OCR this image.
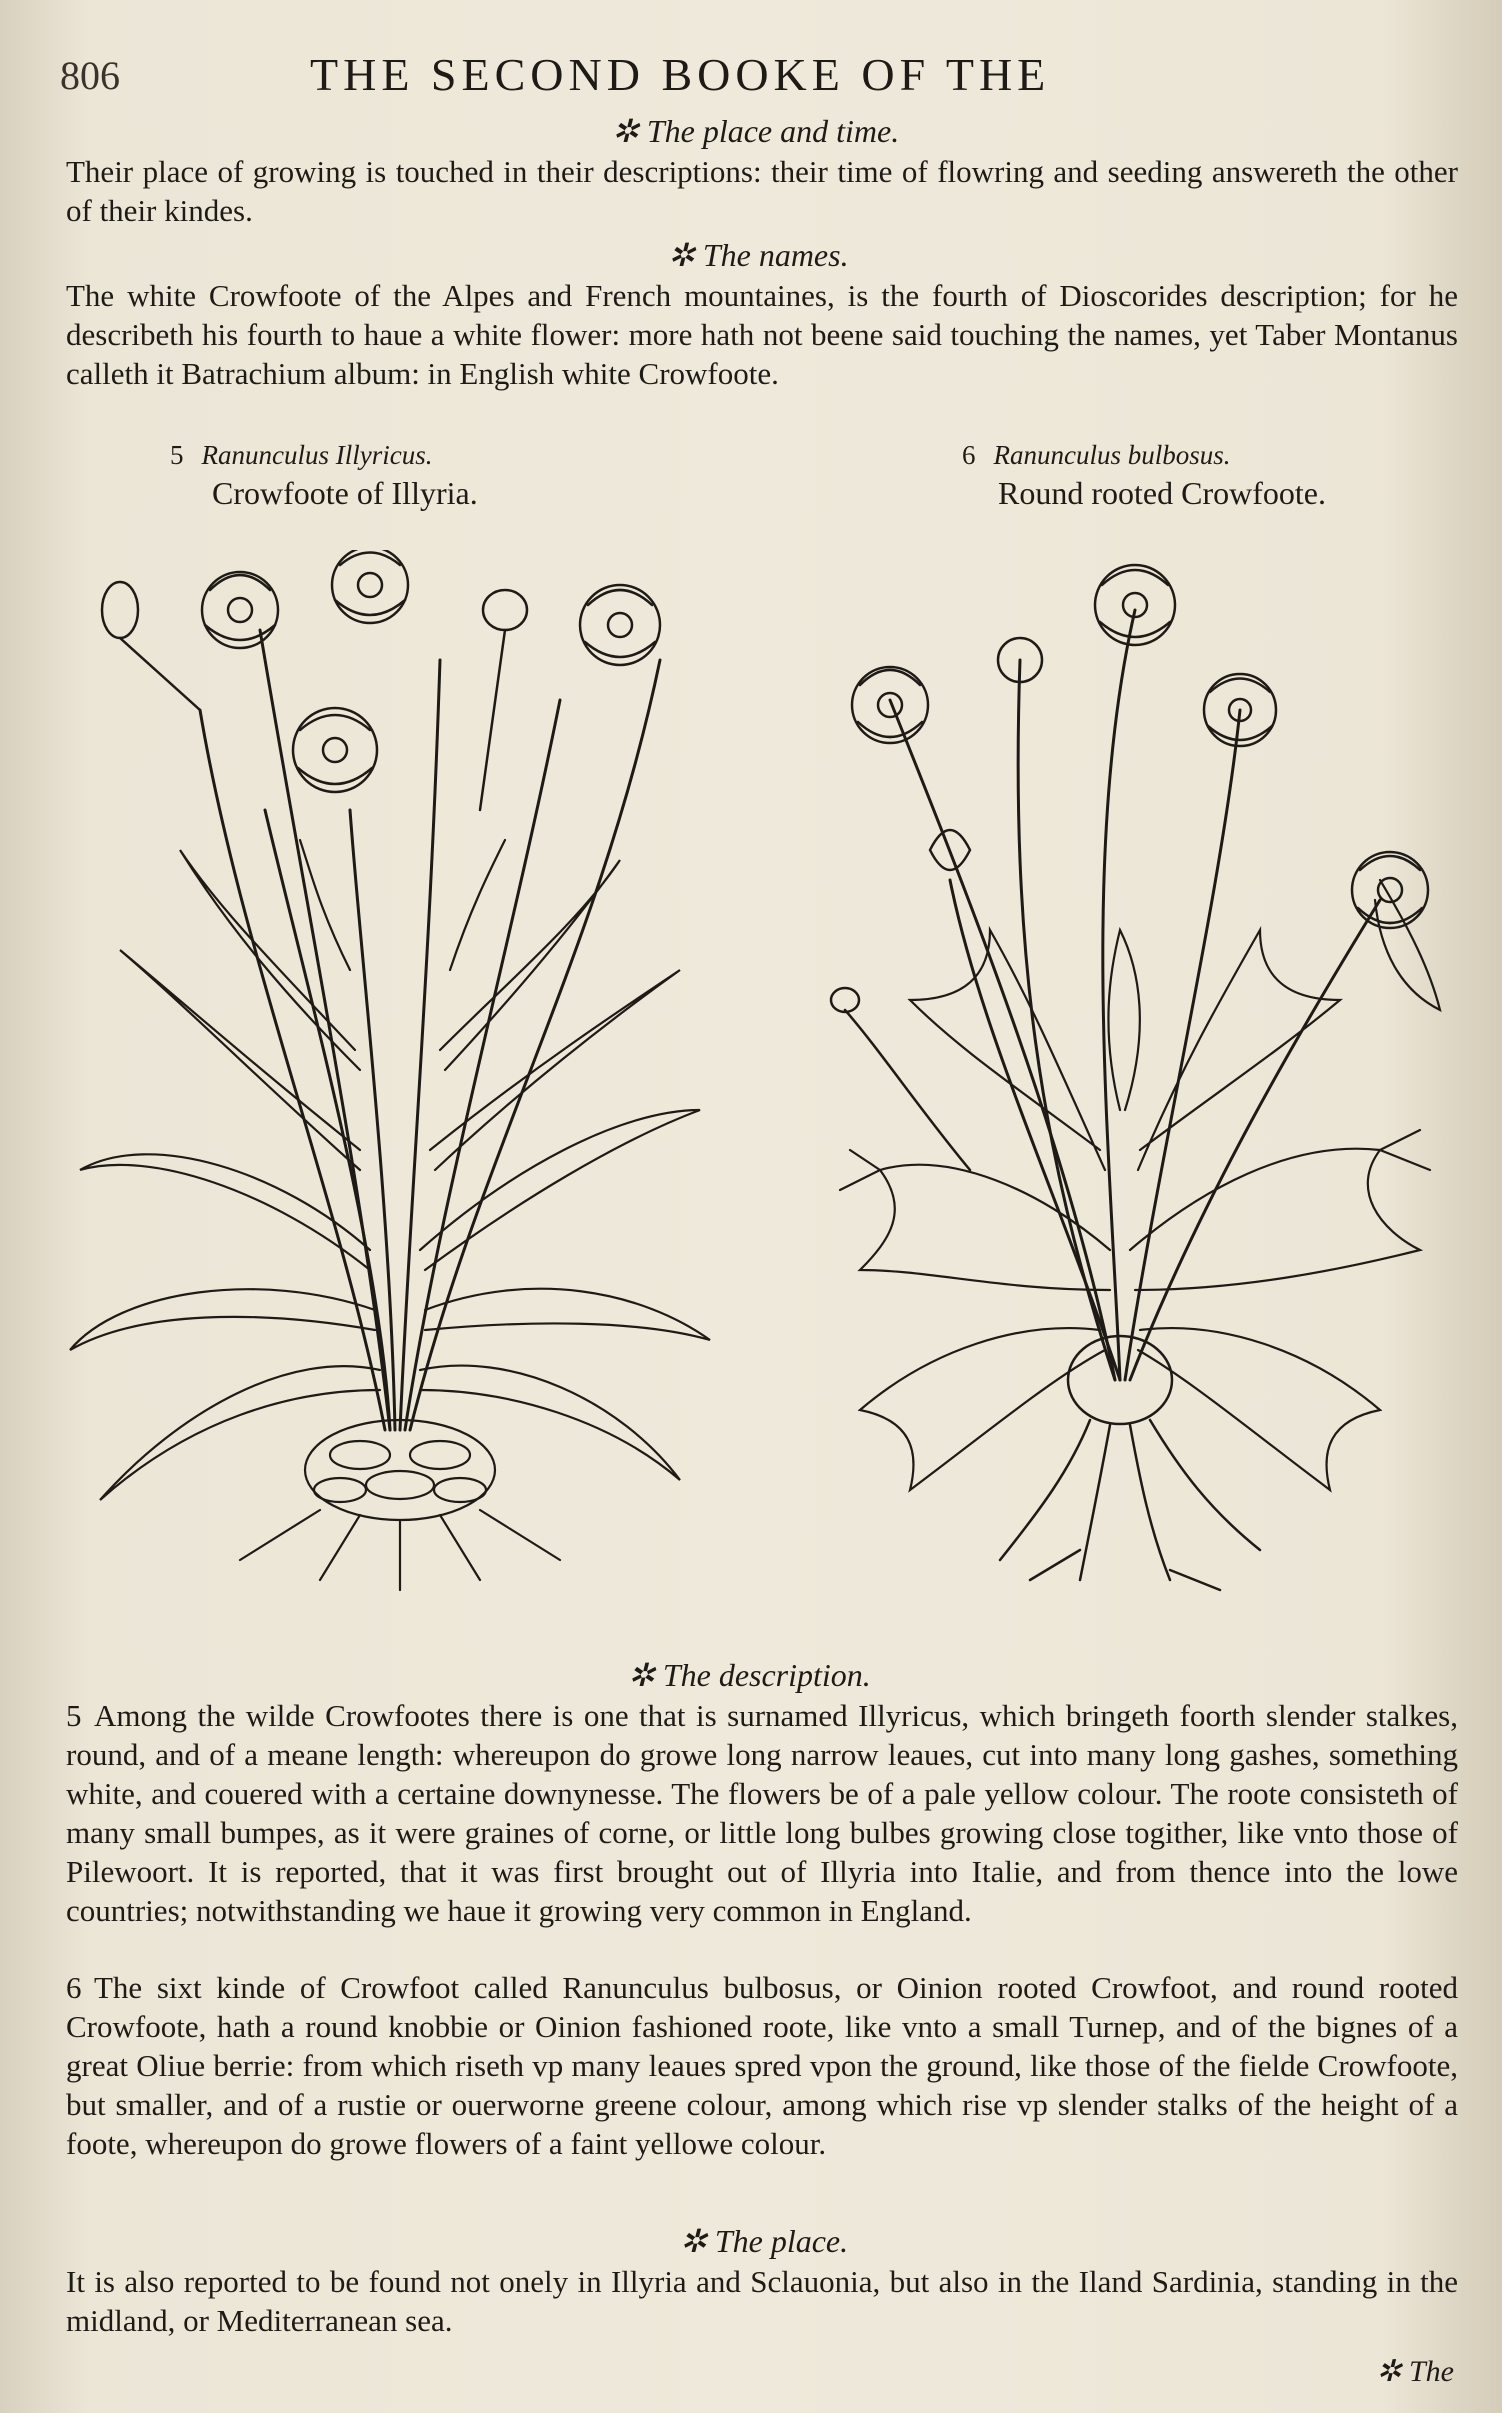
806	THE SECOND BOOKE OF THE
✲ The place and time.

Their place of growing is touched in their descriptions: their time of flowring and seeding answereth the other of their kindes.

✲ The names.

The white Crowfoote of the Alpes and French mountaines, is the fourth of Dioscorides description; for he describeth his fourth to haue a white flower: more hath not beene said touching the names, yet Taber Montanus calleth it Batrachium album: in English white Crowfoote.

5 Ranunculus Illyricus.
Crowfoote of Illyria.
6 Ranunculus bulbosus.
Round rooted Crowfoote.
✲ The description.

5 Among the wilde Crowfootes there is one that is surnamed Illyricus, which bringeth foorth slender stalkes, round, and of a meane length: whereupon do growe long narrow leaues, cut into many long gashes, something white, and couered with a certaine downynesse. The flowers be of a pale yellow colour. The roote consisteth of many small bumpes, as it were graines of corne, or little long bulbes growing close togither, like vnto those of Pilewoort. It is reported, that it was first brought out of Illyria into Italie, and from thence into the lowe countries; notwithstanding we haue it growing very common in England.

6 The sixt kinde of Crowfoot called Ranunculus bulbosus, or Oinion rooted Crowfoot, and round rooted Crowfoote, hath a round knobbie or Oinion fashioned roote, like vnto a small Turnep, and of the bignes of a great Oliue berrie: from which riseth vp many leaues spred vpon the ground, like those of the fielde Crowfoote, but smaller, and of a rustie or ouerworne greene colour, among which rise vp slender stalks of the height of a foote, whereupon do growe flowers of a faint yellowe colour.

✲ The place.

It is also reported to be found not onely in Illyria and Sclauonia, but also in the Iland Sardinia, standing in the midland, or Mediterranean sea.

✲ The
